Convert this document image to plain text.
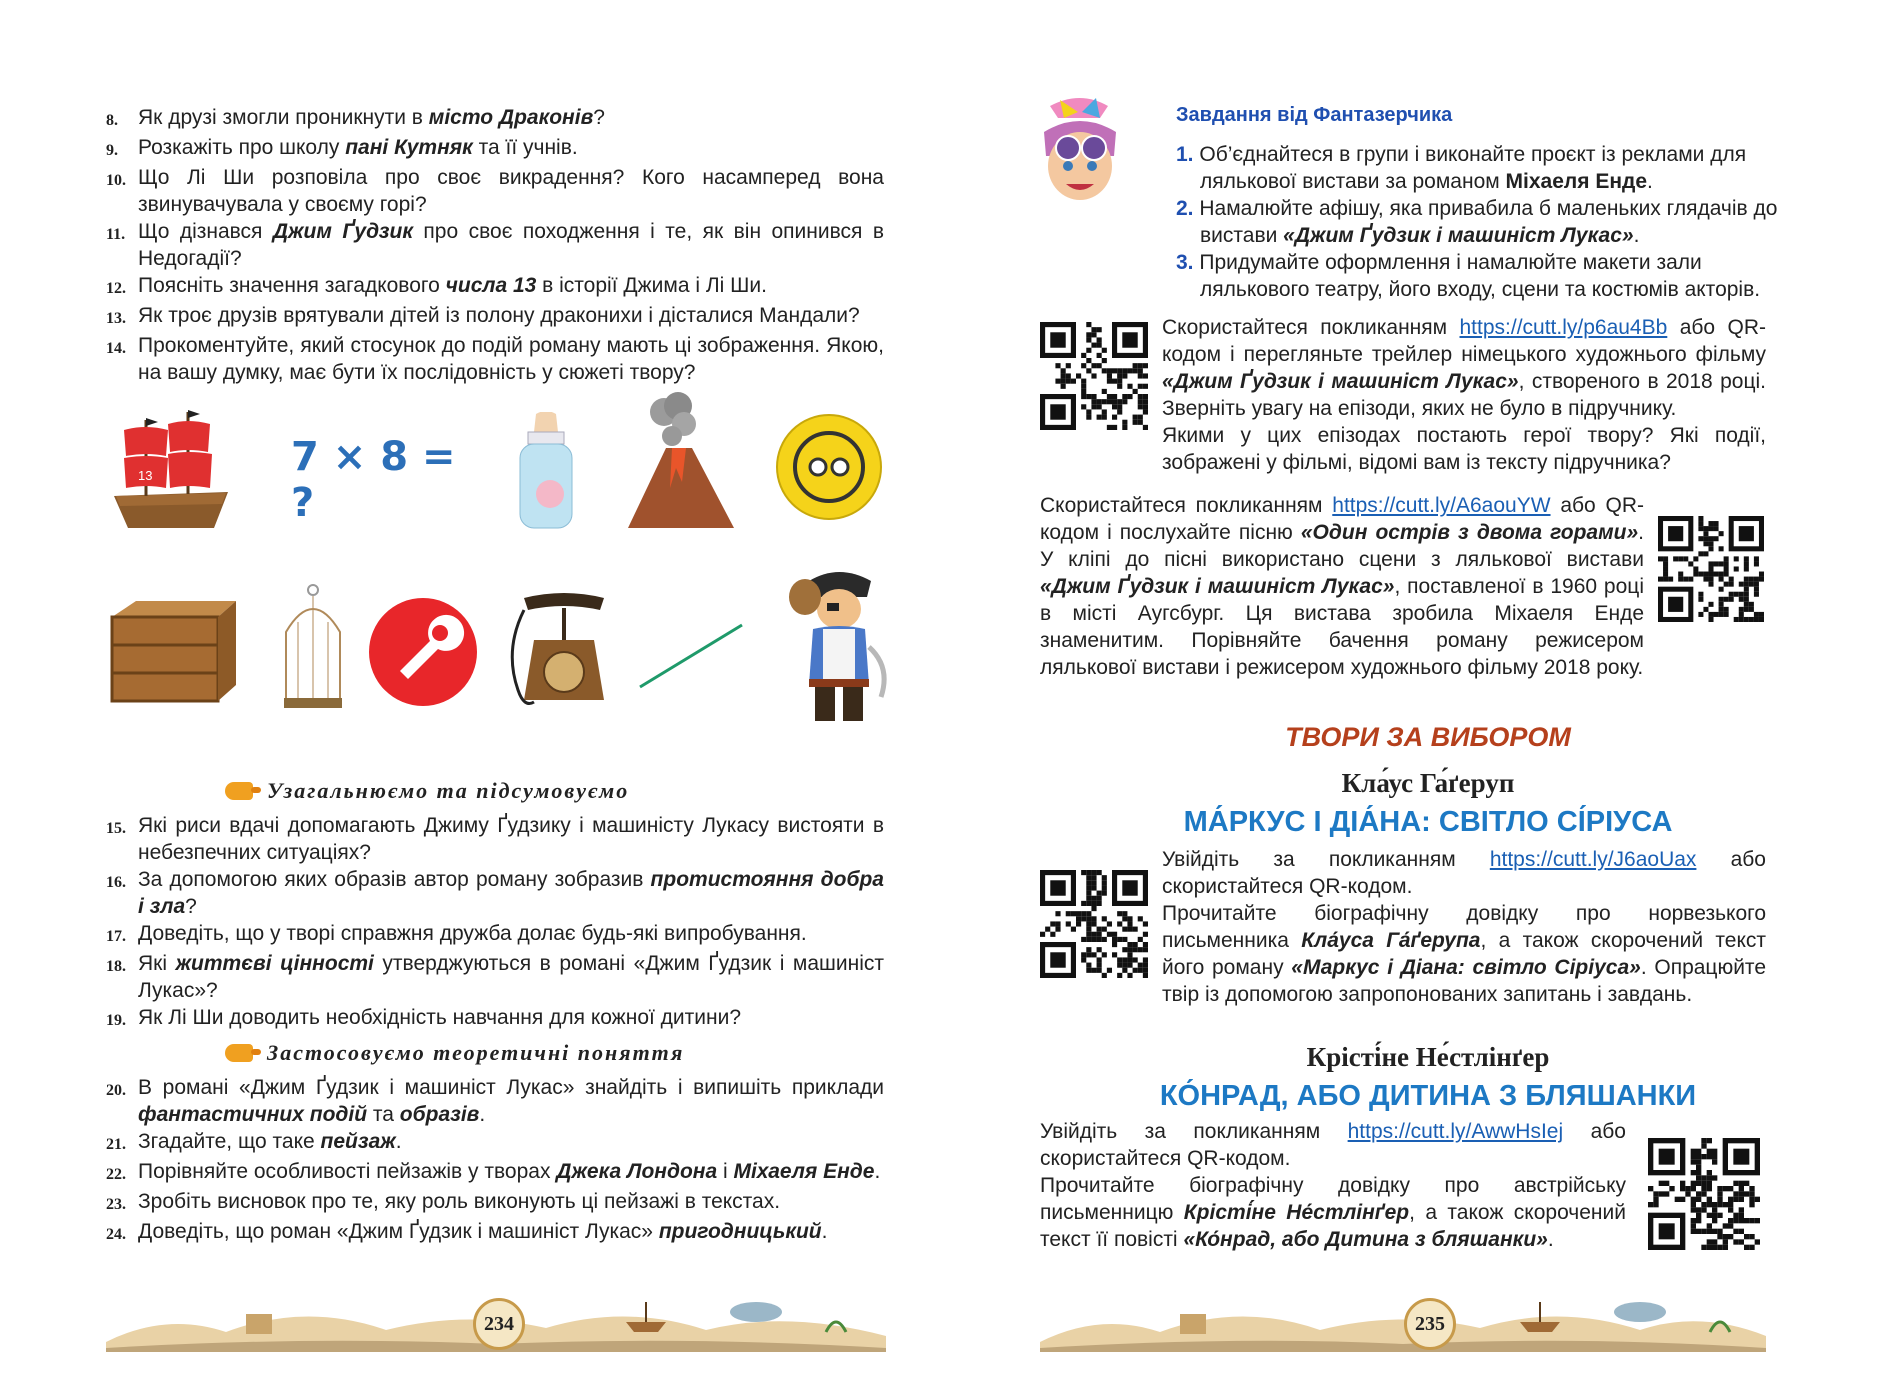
8. Як друзі змогли проникнути в місто Драконів?
9. Розкажіть про школу пані Кутняк та її учнів.
10. Що Лі Ши розповіла про своє викрадення? Кого насамперед вона звинувачувала у своєму горі?
11. Що дізнався Джим Ґудзик про своє походження і те, як він опинився в Недогадії?
12. Поясніть значення загадкового числа 13 в історії Джима і Лі Ши.
13. Як троє друзів врятували дітей із полону драконихи і дісталися Мандали?
14. Прокоментуйте, який стосунок до подій роману мають ці зображення. Якою, на вашу думку, має бути їх послідовність у сюжеті твору?
13	7 × 8 = ?
Узагальнюємо та підсумовуємо
15. Які риси вдачі допомагають Джиму Ґудзику і машиністу Лукасу вистояти в небезпечних ситуаціях?
16. За допомогою яких образів автор роману зобразив протистояння добра і зла?
17. Доведіть, що у творі справжня дружба долає будь-які випробування.
18. Які життєві цінності утверджуються в романі «Джим Ґудзик і машиніст Лукас»?
19. Як Лі Ши доводить необхідність навчання для кожної дитини?
Застосовуємо теоретичні поняття
20. В романі «Джим Ґудзик і машиніст Лукас» знайдіть і випишіть приклади фантастичних подій та образів.
21. Згадайте, що таке пейзаж.
22. Порівняйте особливості пейзажів у творах Джека Лондона і Міхаеля Енде.
23. Зробіть висновок про те, яку роль виконують ці пейзажі в текстах.
24. Доведіть, що роман «Джим Ґудзик і машиніст Лукас» пригодницький.
234
Завдання від Фантазерчика
1. Об’єднайтеся в групи і виконайте проєкт із реклами для лялькової вистави за романом Міхаеля Енде.
2. Намалюйте афішу, яка привабила б маленьких глядачів до вистави «Джим Ґудзик і машиніст Лукас».
3. Придумайте оформлення і намалюйте макети зали лялькового театру, його входу, сцени та костюмів акторів.
Скористайтеся покликанням https://cutt.ly/p6au4Bb або QR-кодом і перегляньте трейлер німецького художнього фільму «Джим Ґудзик і машиніст Лукас», створеного в 2018 році. Зверніть увагу на епізоди, яких не було в підручнику.
Якими у цих епізодах постають герої твору? Які події, зображені у фільмі, відомі вам із тексту підручника?
Скористайтеся покликанням https://cutt.ly/A6aouYW або QR-кодом і послухайте пісню «Один острів з двома горами». У кліпі до пісні використано сцени з лялькової вистави «Джим Ґудзик і машиніст Лукас», поставленої в 1960 році в місті Аугсбург. Ця вистава зробила Міхаеля Енде знаменитим. Порівняйте бачення роману режисером лялькової вистави і режисером художнього фільму 2018 року.
ТВОРИ ЗА ВИБОРОМ
Кла́ус Га́ґеруп
МА́РКУС І ДІА́НА: СВІТЛО СІ́РІУСА
Увійдіть за покликанням https://cutt.ly/J6aoUax або скористайтеся QR-кодом.
Прочитайте біографічну довідку про норвезького письменника Кла́уса Га́ґерупа, а також скорочений текст його роману «Маркус і Діана: світло Сіріуса». Опрацюйте твір із допомогою запропонованих запитань і завдань.
Крісті́не Не́стлінґер
КО́НРАД, АБО ДИТИНА З БЛЯШАНКИ
Увійдіть за покликанням https://cutt.ly/AwwHsIej або скористайтеся QR-кодом.
Прочитайте біографічну довідку про австрійську письменницю Крісті́не Не́стлінґер, а також скорочений текст її повісті «Ко́нрад, або Дитина з бляшанки».
235
